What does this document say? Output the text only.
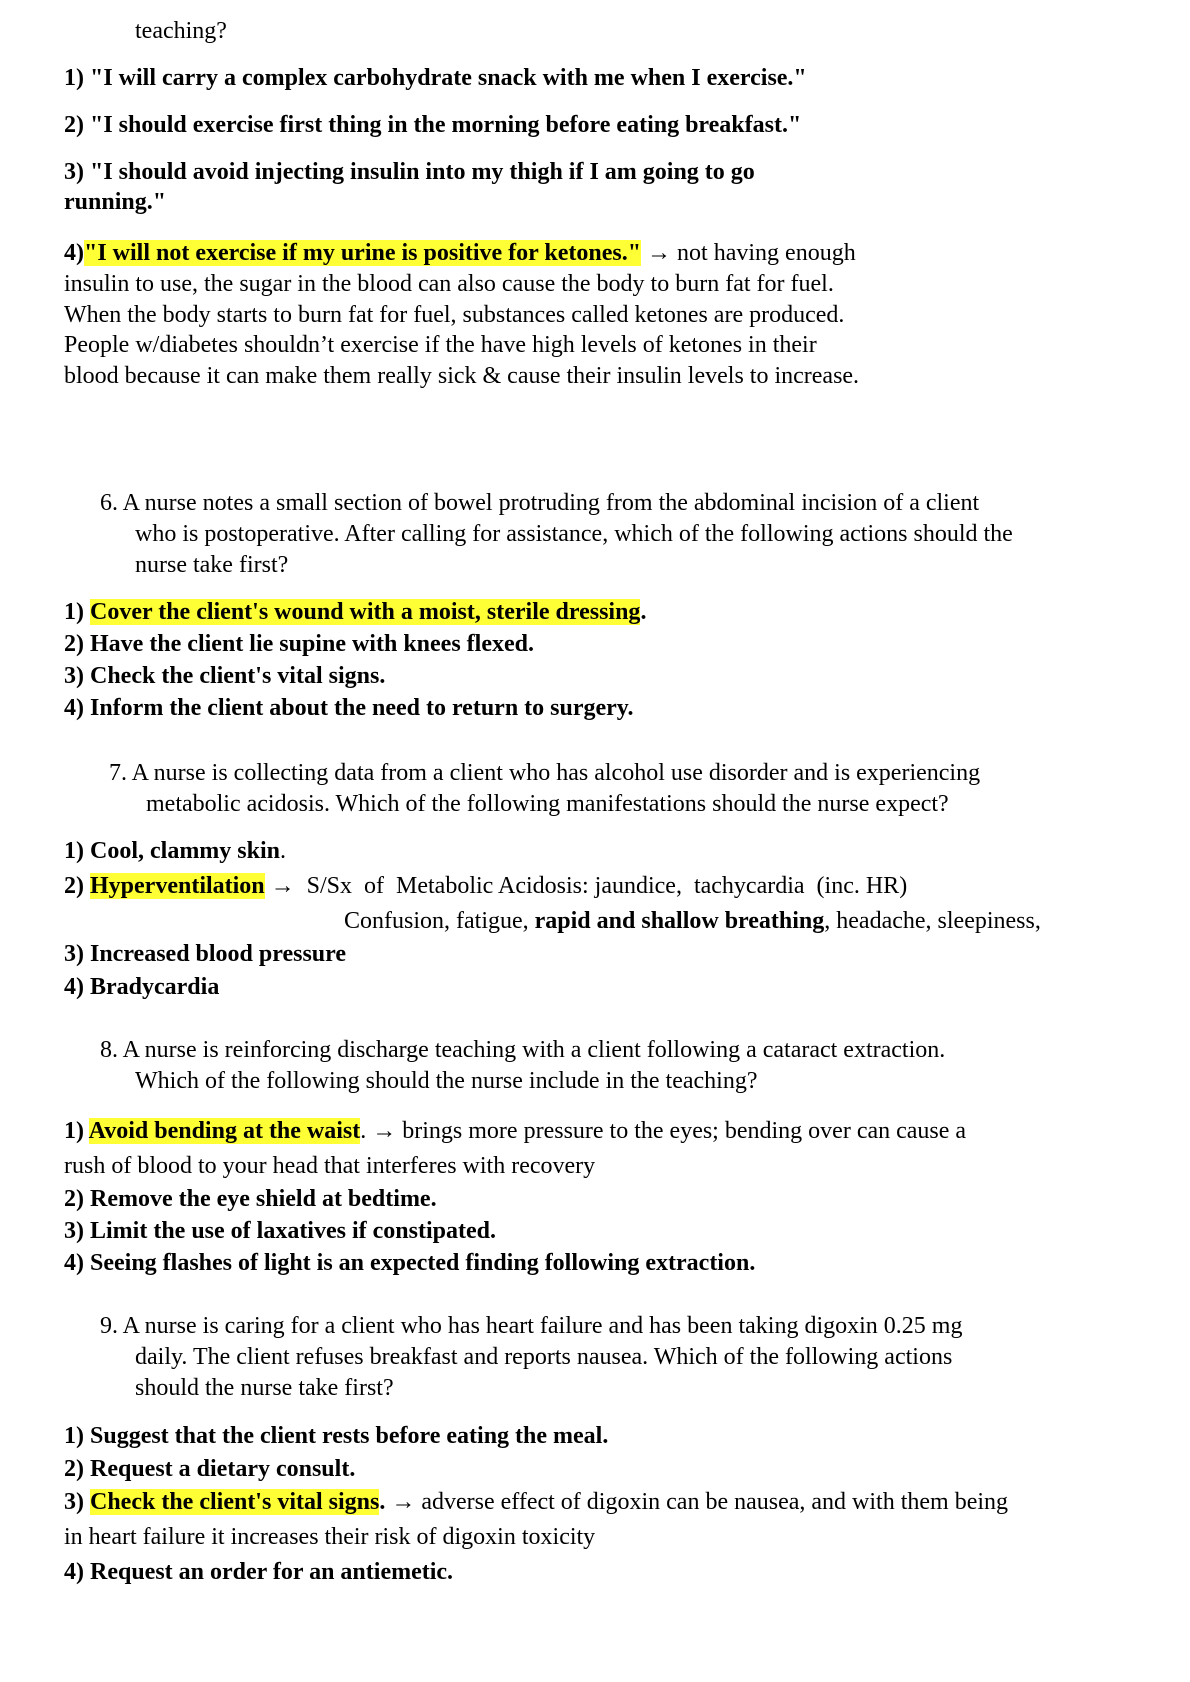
teaching?
1) "I will carry a complex carbohydrate snack with me when I exercise."
2) "I should exercise first thing in the morning before eating breakfast."
3) "I should avoid injecting insulin into my thigh if I am going to go
running."
4)"I will not exercise if my urine is positive for ketones." → not having enough
insulin to use, the sugar in the blood can also cause the body to burn fat for fuel.
When the body starts to burn fat for fuel, substances called ketones are produced.
People w/diabetes shouldn’t exercise if the have high levels of ketones in their
blood because it can make them really sick & cause their insulin levels to increase.
6. A nurse notes a small section of bowel protruding from the abdominal incision of a client
who is postoperative. After calling for assistance, which of the following actions should the
nurse take first?
1) Cover the client's wound with a moist, sterile dressing.
2) Have the client lie supine with knees flexed.
3) Check the client's vital signs.
4) Inform the client about the need to return to surgery.
7. A nurse is collecting data from a client who has alcohol use disorder and is experiencing
metabolic acidosis. Which of the following manifestations should the nurse expect?
1) Cool, clammy skin.
2) Hyperventilation →  S/Sx  of  Metabolic Acidosis: jaundice,  tachycardia  (inc. HR)
Confusion, fatigue, rapid and shallow breathing, headache, sleepiness,
3) Increased blood pressure
4) Bradycardia
8. A nurse is reinforcing discharge teaching with a client following a cataract extraction.
Which of the following should the nurse include in the teaching?
1) Avoid bending at the waist. → brings more pressure to the eyes; bending over can cause a
rush of blood to your head that interferes with recovery
2) Remove the eye shield at bedtime.
3) Limit the use of laxatives if constipated.
4) Seeing flashes of light is an expected finding following extraction.
9. A nurse is caring for a client who has heart failure and has been taking digoxin 0.25 mg
daily. The client refuses breakfast and reports nausea. Which of the following actions
should the nurse take first?
1) Suggest that the client rests before eating the meal.
2) Request a dietary consult.
3) Check the client's vital signs. → adverse effect of digoxin can be nausea, and with them being
in heart failure it increases their risk of digoxin toxicity
4) Request an order for an antiemetic.
